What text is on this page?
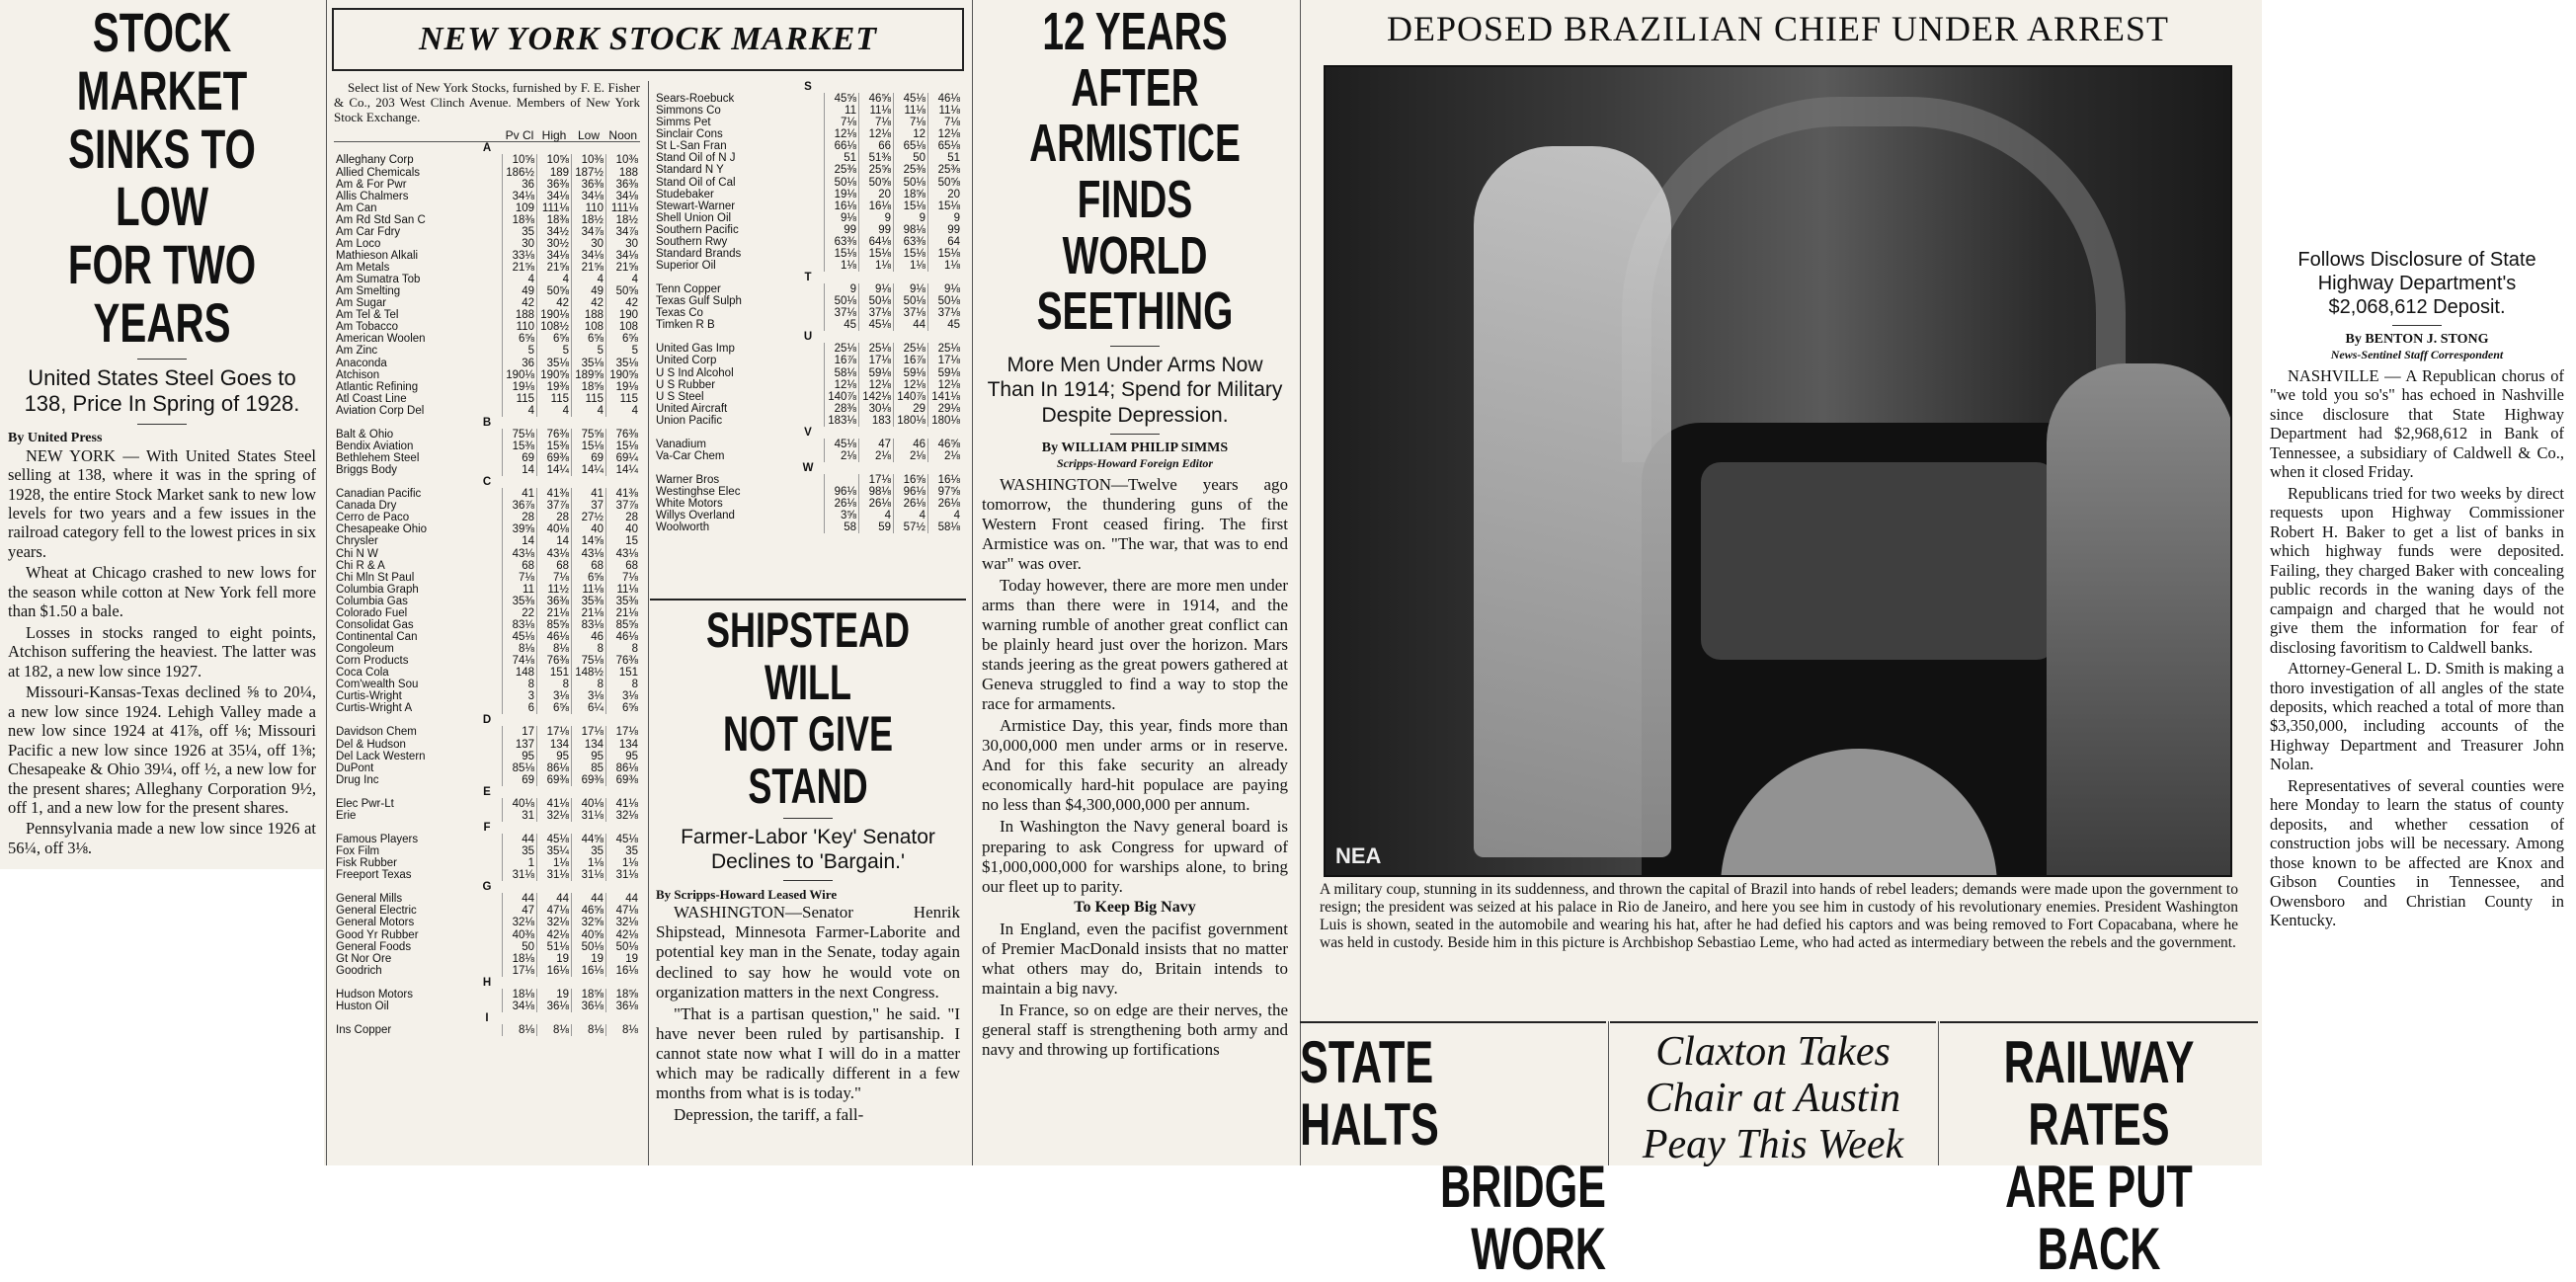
STOCK MARKET
SINKS TO LOW
FOR TWO YEARS
United States Steel Goes to 138, Price In Spring of 1928.
By United Press

NEW YORK — With United States Steel selling at 138, where it was in the spring of 1928, the entire Stock Market sank to new low levels for two years and a few issues in the railroad category fell to the lowest prices in six years.

Wheat at Chicago crashed to new lows for the season while cotton at New York fell more than $1.50 a bale.

Losses in stocks ranged to eight points, Atchison suffering the heaviest. The latter was at 182, a new low since 1927.

Missouri-Kansas-Texas declined ⅝ to 20¼, a new low since 1924. Lehigh Valley made a new low since 1924 at 41⅞, off ⅛; Missouri Pacific a new low since 1926 at 35¼, off 1⅜; Chesapeake & Ohio 39¼, off ½, a new low for the present shares; Alleghany Corporation 9½, off 1, and a new low for the present shares.

Pennsylvania made a new low since 1926 at 56¼, off 3⅛.

NEW YORK STOCK MARKET
Select list of New York Stocks, furnished by F. E. Fisher & Co., 203 West Clinch Avenue. Members of New York Stock Exchange.
	Pv Cl	High	Low	Noon
A				
Alleghany Corp	10⅝	10⅝	10⅜	10⅜
Allied Chemicals	186½	189	187½	188
Am & For Pwr	36	36⅜	36⅜	36⅜
Allis Chalmers	34⅛	34⅛	34⅛	34⅛
Am Can	109	111⅛	110	111⅛
Am Rd Std San C	18⅜	18⅜	18½	18½
Am Car Fdry	35	34½	34⅞	34⅞
Am Loco	30	30½	30	30
Mathieson Alkali	33⅛	34⅛	34⅛	34⅛
Am Metals	21⅝	21⅝	21⅝	21⅝
Am Sumatra Tob	4	4	4	4
Am Smelting	49	50⅝	49	50⅝
Am Sugar	42	42	42	42
Am Tel & Tel	188	190⅛	188	190
Am Tobacco	110	108½	108	108
American Woolen	6⅝	6⅝	6⅝	6⅝
Am Zinc	5	5	5	5
Anaconda	36	35⅛	35⅛	35⅛
Atchison	190⅛	190⅝	189⅝	190⅝
Atlantic Refining	19⅛	19⅜	18⅝	19⅛
Atl Coast Line	115	115	115	115
Aviation Corp Del	4	4	4	4
B				
Balt & Ohio	75⅛	76⅜	75⅝	76⅜
Bendix Aviation	15⅜	15⅜	15⅛	15⅛
Bethlehem Steel	69	69⅜	69	69¼
Briggs Body	14	14¼	14¼	14¼
C				
Canadian Pacific	41	41⅜	41	41⅜
Canada Dry	36⅞	37⅞	37	37⅞
Cerro de Paco	28	28	27½	28
Chesapeake Ohio	39⅝	40⅛	40	40
Chrysler	14	14	14⅝	15
Chi N W	43⅛	43⅛	43⅛	43⅛
Chi R & A	68	68	68	68
Chi Mln St Paul	7⅛	7⅛	6⅝	7⅛
Columbia Graph	11	11½	11⅛	11⅛
Columbia Gas	35⅜	36⅜	35⅜	35⅜
Colorado Fuel	22	21⅛	21⅛	21⅛
Consolidat Gas	83⅛	85⅝	83⅛	85⅝
Continental Can	45⅛	46⅛	46	46⅛
Congoleum	8⅛	8⅛	8	8
Corn Products	74⅛	76⅜	75⅛	76⅜
Coca Cola	148	151	148½	151
Com'wealth Sou	8	8	8	8
Curtis-Wright	3	3⅛	3⅛	3⅛
Curtis-Wright A	6	6⅝	6¼	6⅝
D				
Davidson Chem	17	17⅛	17⅛	17⅛
Del & Hudson	137	134	134	134
Del Lack Western	95	95	95	95
DuPont	85⅛	86⅛	85	86⅛
Drug Inc	69	69⅜	69⅜	69⅜
E				
Elec Pwr-Lt	40⅛	41⅛	40⅛	41⅛
Erie	31	32⅛	31⅛	32⅛
F				
Famous Players	44	45⅛	44⅝	45⅛
Fox Film	35	35¼	35	35
Fisk Rubber	1	1⅛	1⅛	1⅛
Freeport Texas	31⅛	31⅛	31⅛	31⅛
G				
General Mills	44	44	44	44
General Electric	47	47⅛	46⅝	47⅛
General Motors	32⅛	32⅛	32⅝	32⅛
Good Yr Rubber	40⅜	42⅛	40⅝	42⅛
General Foods	50	51⅛	50⅛	50⅛
Gt Nor Ore	18⅛	19	19	19
Goodrich	17⅛	16⅛	16⅛	16⅛
H				
Hudson Motors	18⅛	19	18⅝	18⅝
Huston Oil	34⅛	36⅛	36⅛	36⅛
I				
Ins Copper	8⅛	8⅛	8⅛	8⅛
S				
Sears-Roebuck	45⅝	46⅝	45⅛	46⅛
Simmons Co	11	11⅛	11⅛	11⅛
Simms Pet	7⅛	7⅛	7⅛	7⅛
Sinclair Cons	12⅛	12⅛	12	12⅛
St L-San Fran	66⅛	66	65⅛	65⅛
Stand Oil of N J	51	51⅜	50	51
Standard N Y	25⅜	25⅝	25⅜	25⅜
Stand Oil of Cal	50⅛	50⅝	50⅛	50⅝
Studebaker	19⅛	20	18⅝	20
Stewart-Warner	16⅛	16⅛	15⅛	15⅛
Shell Union Oil	9⅛	9	9	9
Southern Pacific	99	99	98⅛	99
Southern Rwy	63⅜	64⅛	63⅜	64
Standard Brands	15⅛	15⅛	15⅛	15⅛
Superior Oil	1⅛	1⅛	1⅛	1⅛
T				
Tenn Copper	9	9⅛	9⅛	9⅛
Texas Gulf Sulph	50⅛	50⅛	50⅛	50⅛
Texas Co	37⅛	37⅛	37⅛	37⅛
Timken R B	45	45⅛	44	45
U				
United Gas Imp	25⅛	25⅛	25⅛	25⅛
United Corp	16⅞	17⅛	16⅞	17⅛
U S Ind Alcohol	58⅛	59⅛	59⅛	59⅛
U S Rubber	12⅛	12⅛	12⅛	12⅛
U S Steel	140⅞	142⅛	140⅞	141⅛
United Aircraft	28⅜	30⅛	29	29⅛
Union Pacific	183⅛	183	180⅛	180⅛
V				
Vanadium	45⅛	47	46	46⅝
Va-Car Chem	2⅛	2⅛	2⅛	2⅛
W				
Warner Bros		17⅛	16⅝	16⅛
Westinghse Elec	96⅛	98⅛	96⅛	97⅝
White Motors	26⅛	26⅛	26⅛	26⅛
Willys Overland	3⅝	4	4	4
Woolworth	58	59	57½	58⅛
SHIPSTEAD WILL
NOT GIVE STAND
Farmer-Labor 'Key' Senator Declines to 'Bargain.'
By Scripps-Howard Leased Wire

WASHINGTON—Senator Henrik Shipstead, Minnesota Farmer-Laborite and potential key man in the Senate, today again declined to say how he would vote on organization matters in the next Congress.

"That is a partisan question," he said. "I have never been ruled by partisanship. I cannot state now what I will do in a matter which may be radically different in a few months from what is is today."

Depression, the tariff, a fall-

12 YEARS AFTER
ARMISTICE FINDS
WORLD SEETHING
More Men Under Arms Now Than In 1914; Spend for Military Despite Depression.
By WILLIAM PHILIP SIMMS
Scripps-Howard Foreign Editor

WASHINGTON—Twelve years ago tomorrow, the thundering guns of the Western Front ceased firing. The first Armistice was on. "The war, that was to end war" was over.

Today however, there are more men under arms than there were in 1914, and the warning rumble of another great conflict can be plainly heard just over the horizon. Mars stands jeering as the great powers gathered at Geneva struggled to find a way to stop the race for armaments.

Armistice Day, this year, finds more than 30,000,000 men under arms or in reserve. And for this fake security an already economically hard-hit populace are paying no less than $4,300,000,000 per annum.

In Washington the Navy general board is preparing to ask Congress for upward of $1,000,000,000 for warships alone, to bring our fleet up to parity.

To Keep Big Navy

In England, even the pacifist government of Premier MacDonald insists that no matter what others may do, Britain intends to maintain a big navy.

In France, so on edge are their nerves, the general staff is strengthening both army and navy and throwing up fortifications

DEPOSED BRAZILIAN CHIEF UNDER ARREST
NEA
A military coup, stunning in its suddenness, and thrown the capital of Brazil into hands of rebel leaders; demands were made upon the government to resign; the president was seized at his palace in Rio de Janeiro, and here you see him in custody of his revolutionary enemies. President Washington Luis is shown, seated in the automobile and wearing his hat, after he had defied his captors and was being removed to Fort Copacabana, where he was held in custody. Beside him in this picture is Archbishop Sebastiao Leme, who had acted as intermediary between the rebels and the government.
STATE HALTS
BRIDGE WORK
Claxton Takes
Chair at Austin
Peay This Week
RAILWAY RATES
ARE PUT BACK
Follows Disclosure of State Highway Department's $2,068,612 Deposit.
By BENTON J. STONG
News-Sentinel Staff Correspondent

NASHVILLE — A Republican chorus of "we told you so's" has echoed in Nashville since disclosure that State Highway Department had $2,968,612 in Bank of Tennessee, a subsidiary of Caldwell & Co., when it closed Friday.

Republicans tried for two weeks by direct requests upon Highway Commissioner Robert H. Baker to get a list of banks in which highway funds were deposited. Failing, they charged Baker with concealing public records in the waning days of the campaign and charged that he would not give them the information for fear of disclosing favoritism to Caldwell banks.

Attorney-General L. D. Smith is making a thoro investigation of all angles of the state deposits, which reached a total of more than $3,350,000, including accounts of the Highway Department and Treasurer John Nolan.

Representatives of several counties were here Monday to learn the status of county deposits, and whether cessation of construction jobs will be necessary. Among those known to be affected are Knox and Gibson Counties in Tennessee, and Owensboro and Christian County in Kentucky.
